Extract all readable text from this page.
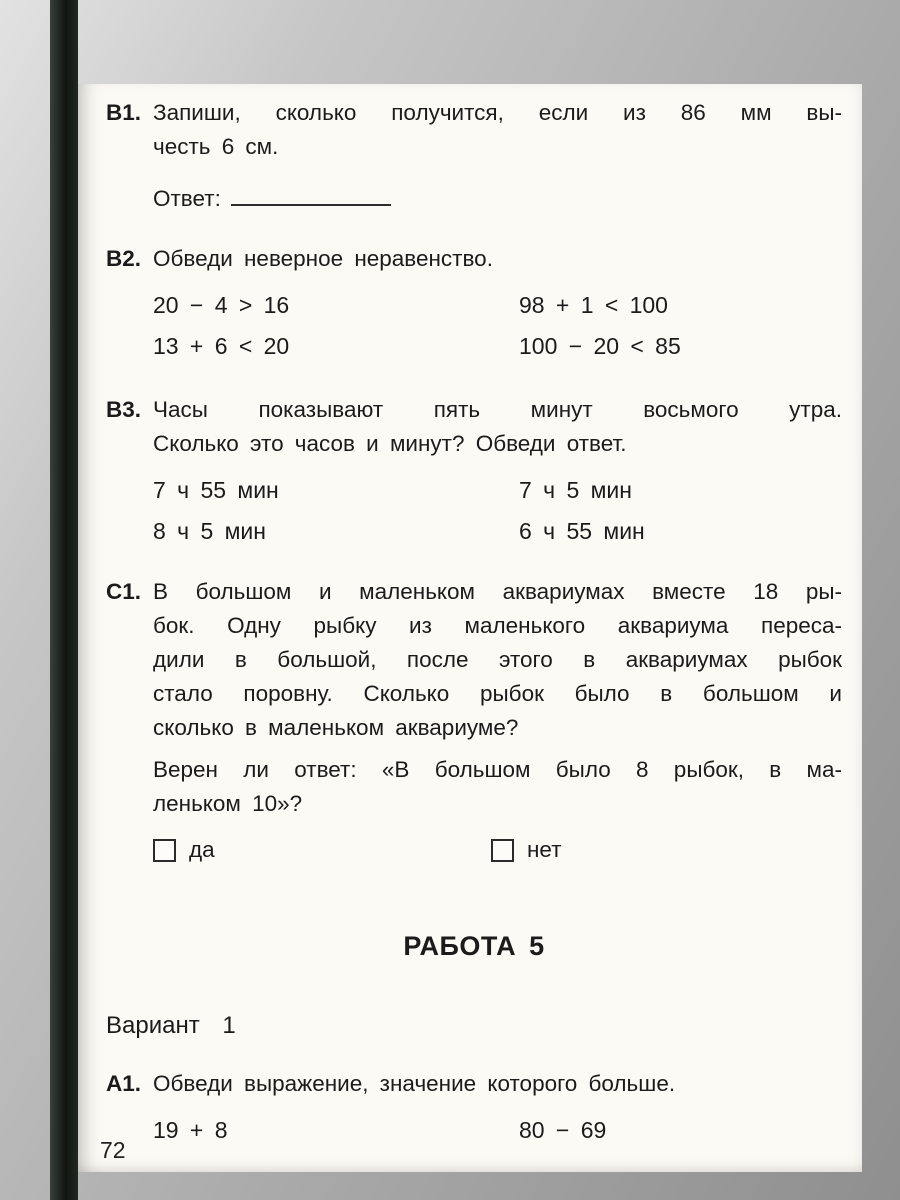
В1. Запиши, сколько получится, если из 86 мм вы-
честь 6 см.
Ответ:
В2. Обведи неверное неравенство.
20 − 4 > 16
13 + 6 < 20
98 + 1 < 100
100 − 20 < 85
В3. Часы показывают пять минут восьмого утра.
Сколько это часов и минут? Обведи ответ.
7 ч 55 мин
8 ч 5 мин
7 ч 5 мин
6 ч 55 мин
С1. В большом и маленьком аквариумах вместе 18 ры-
бок. Одну рыбку из маленького аквариума переса-
дили в большой, после этого в аквариумах рыбок
стало поровну. Сколько рыбок было в большом и
сколько в маленьком аквариуме?
Верен ли ответ: «В большом было 8 рыбок, в ма-
леньком 10»?
да	нет
РАБОТА 5
Вариант 1
А1. Обведи выражение, значение которого больше.
19 + 8	80 − 69
72
